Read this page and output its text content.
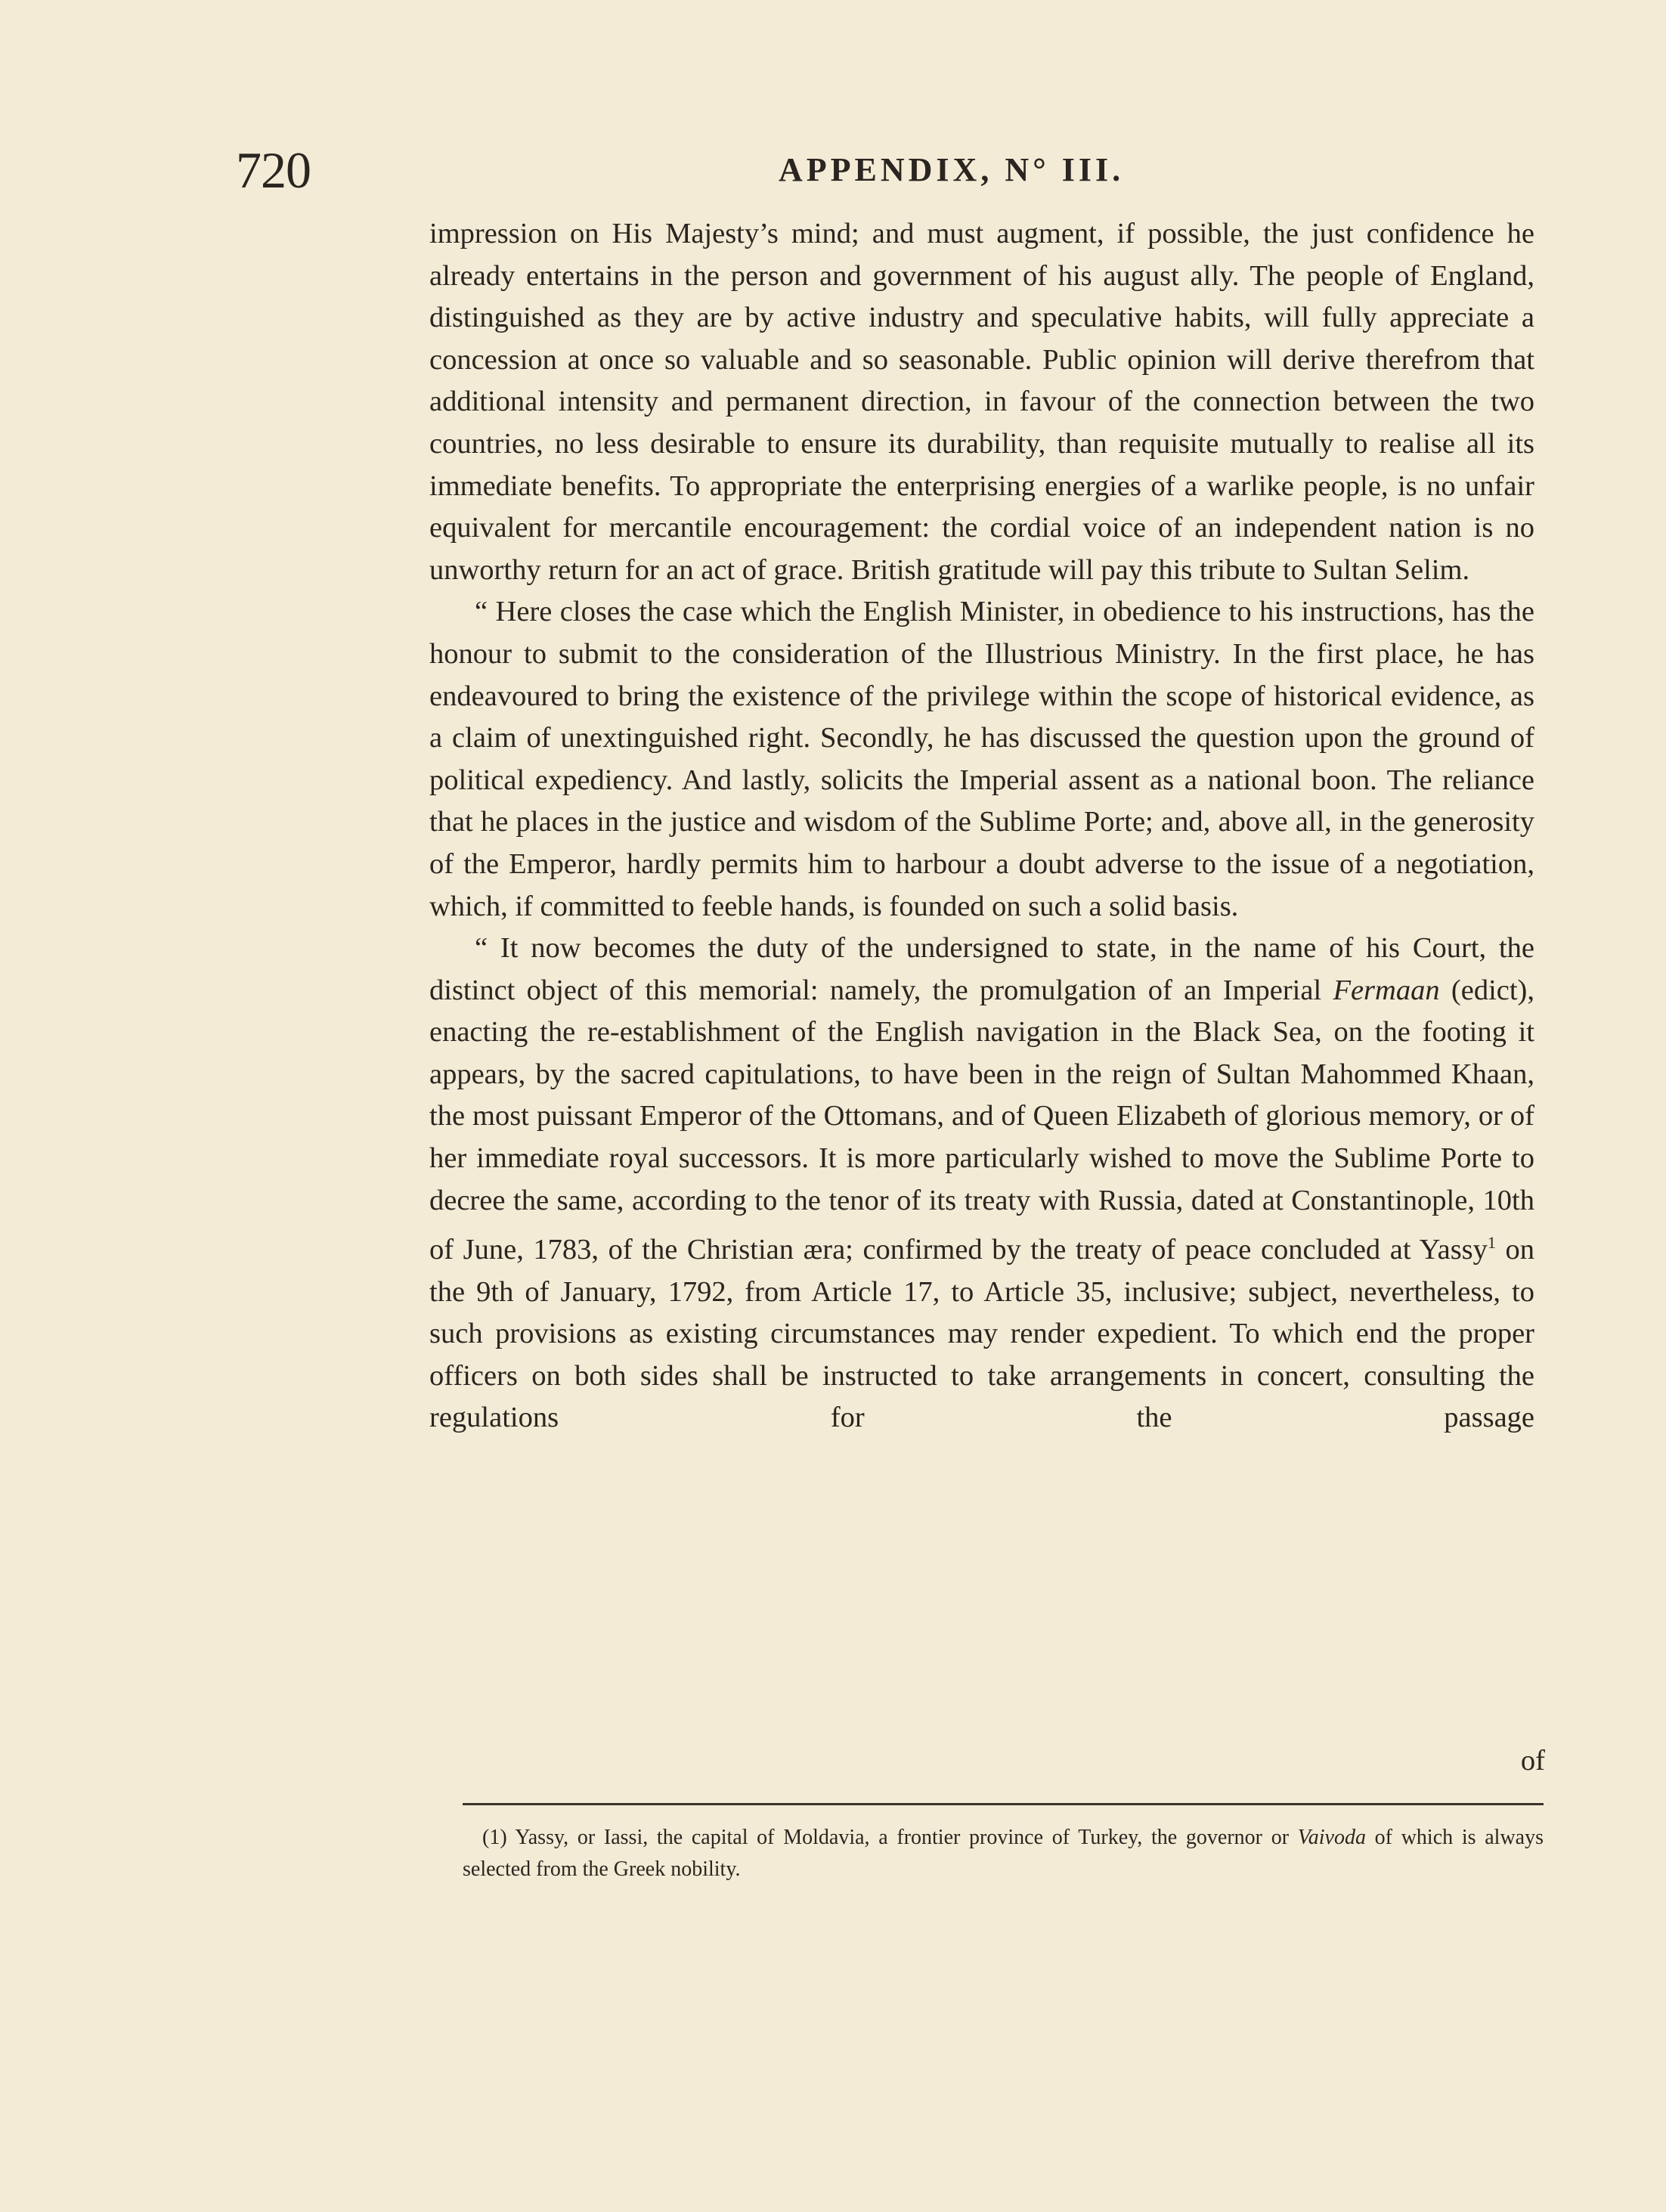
720	APPENDIX, N° III.

impression on His Majesty’s mind; and must augment, if possible, the just confidence he already entertains in the person and government of his august ally. The people of England, distinguished as they are by active industry and speculative habits, will fully appreciate a concession at once so valuable and so seasonable. Public opinion will derive therefrom that additional intensity and permanent direction, in favour of the connection between the two countries, no less desirable to ensure its durability, than requisite mutually to realise all its immediate benefits. To appropriate the enterprising energies of a warlike people, is no unfair equivalent for mercantile encouragement: the cordial voice of an independent nation is no unworthy return for an act of grace. British gratitude will pay this tribute to Sultan Selim.

“ Here closes the case which the English Minister, in obedience to his instructions, has the honour to submit to the consideration of the Illustrious Ministry. In the first place, he has endeavoured to bring the existence of the privilege within the scope of historical evidence, as a claim of unextinguished right. Secondly, he has discussed the question upon the ground of political expediency. And lastly, solicits the Imperial assent as a national boon. The reliance that he places in the justice and wisdom of the Sublime Porte; and, above all, in the generosity of the Emperor, hardly permits him to harbour a doubt adverse to the issue of a negotiation, which, if committed to feeble hands, is founded on such a solid basis.

“ It now becomes the duty of the undersigned to state, in the name of his Court, the distinct object of this memorial: namely, the promulgation of an Imperial Fermaan (edict), enacting the re-establishment of the English navigation in the Black Sea, on the footing it appears, by the sacred capitulations, to have been in the reign of Sultan Mahommed Khaan, the most puissant Emperor of the Ottomans, and of Queen Elizabeth of glorious memory, or of her immediate royal successors. It is more particularly wished to move the Sublime Porte to decree the same, according to the tenor of its treaty with Russia, dated at Constantinople, 10th of June, 1783, of the Christian æra; confirmed by the treaty of peace concluded at Yassy$^1$ on the 9th of January, 1792, from Article 17, to Article 35, inclusive; subject, nevertheless, to such provisions as existing circumstances may render expedient. To which end the proper officers on both sides shall be instructed to take arrangements in concert, consulting the regulations for the passage

of
(1) Yassy, or Iassi, the capital of Moldavia, a frontier province of Turkey, the governor or Vaivoda of which is always selected from the Greek nobility.
